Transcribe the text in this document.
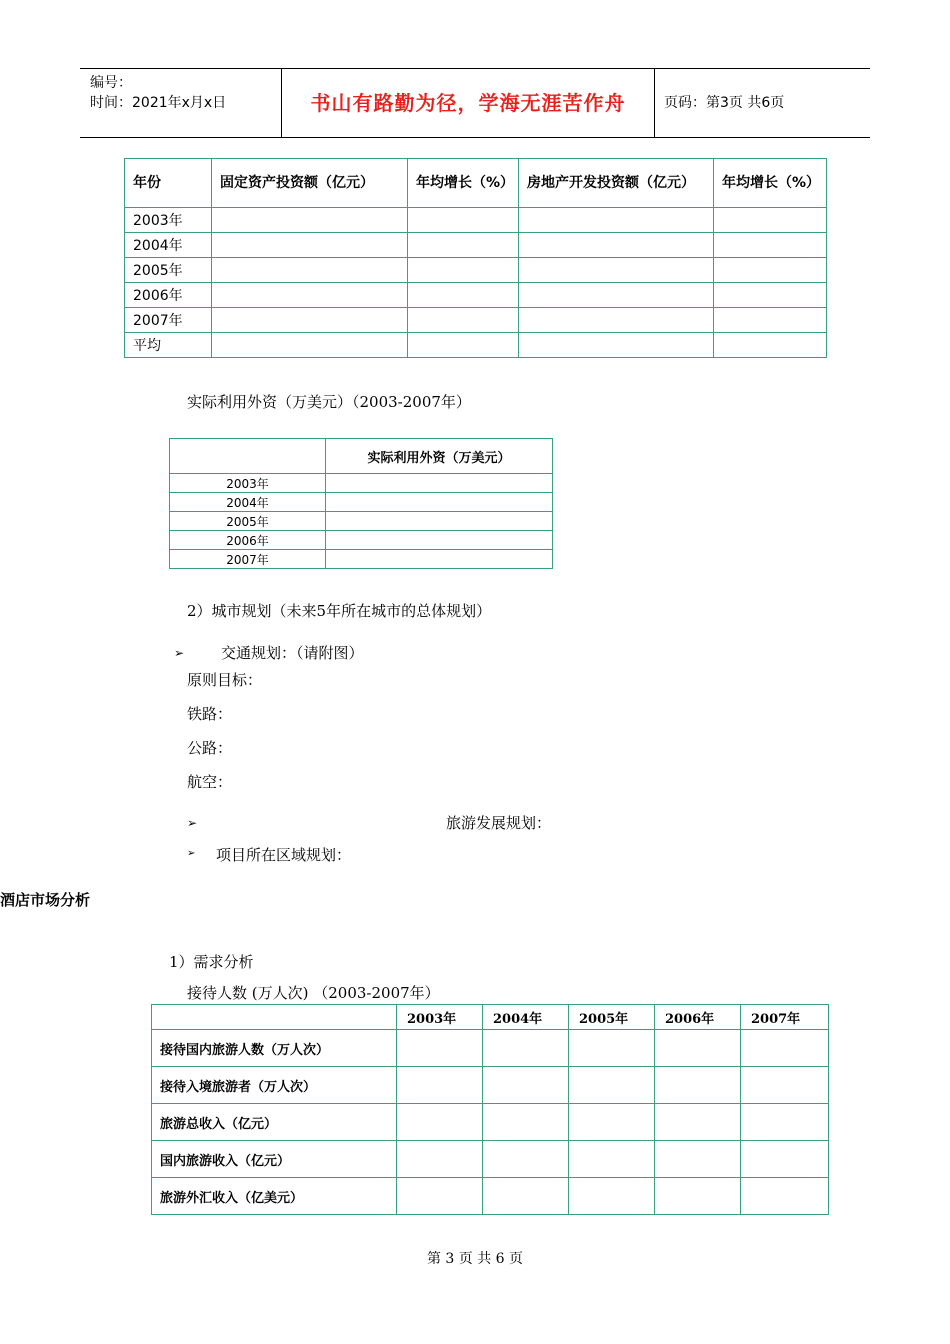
编号：
时间：2021年x月x日	书山有路勤为径，学海无涯苦作舟	页码：第3页 共6页
年份	固定资产投资额（亿元）	年均增长（%）	房地产开发投资额（亿元）	年均增长（%）
2003年				
2004年				
2005年				
2006年				
2007年				
平均				
实际利用外资（万美元）（2003-2007年）
	实际利用外资（万美元）
2003年	
2004年	
2005年	
2006年	
2007年	
2）城市规划（未来5年所在城市的总体规划）
➢ 交通规划：（请附图）
原则目标：
铁路：
公路：
航空：
➢	旅游发展规划：
➢ 项目所在区域规划：
酒店市场分析
1）需求分析
接待人数 (万人次) （2003-2007年）
	2003年	2004年	2005年	2006年	2007年
接待国内旅游人数（万人次）					
接待入境旅游者（万人次）					
旅游总收入（亿元）					
国内旅游收入（亿元）					
旅游外汇收入（亿美元）					
第 3 页 共 6 页
